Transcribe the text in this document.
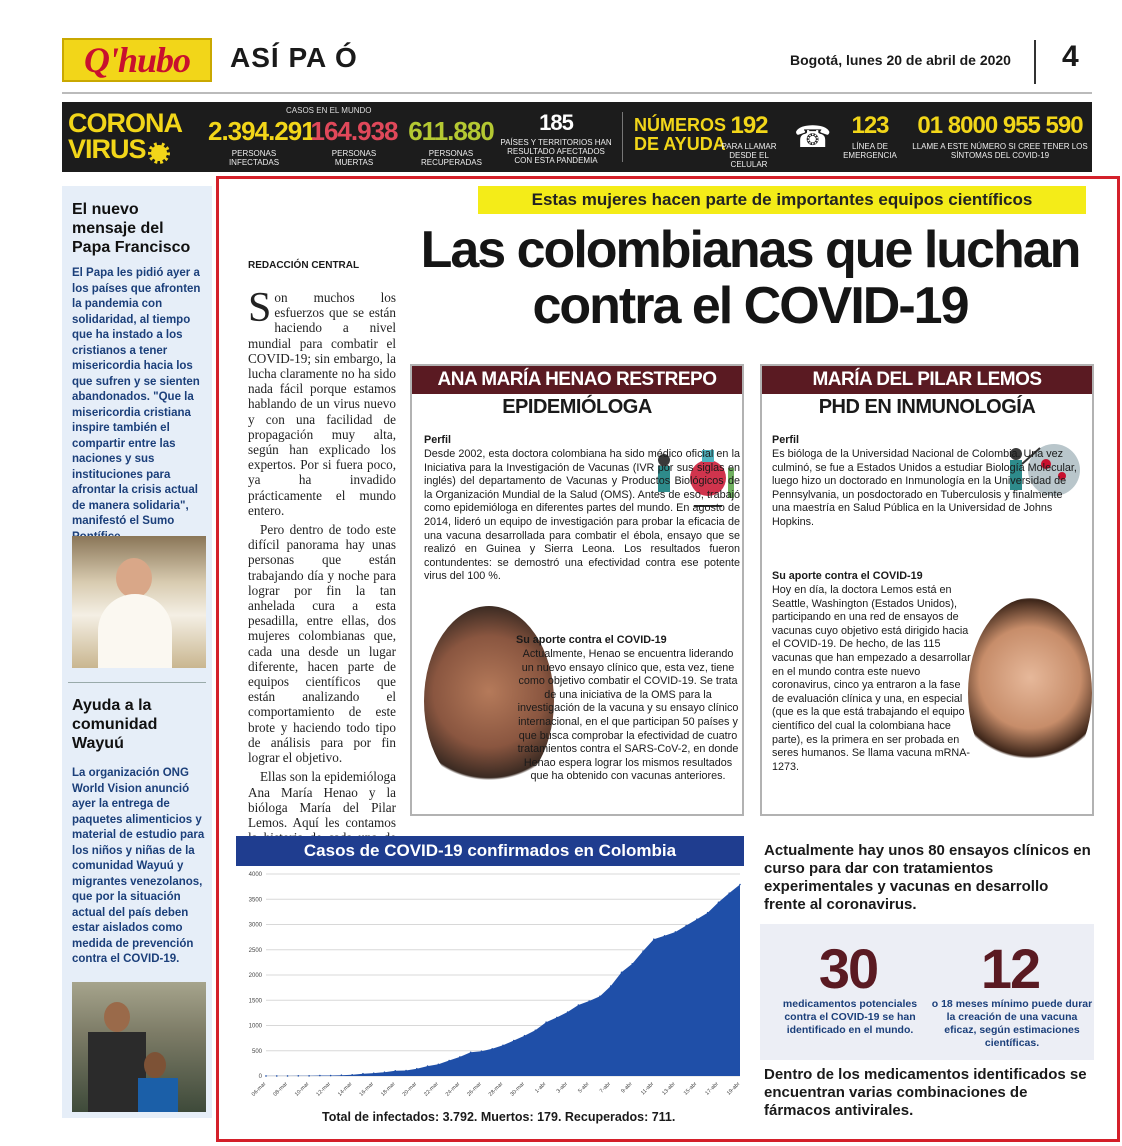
Q'hubo	ASÍ PA Ó	Bogotá, lunes 20 de abril de 2020 4
CORONA
VIRUS
CASOS EN EL MUNDO
2.394.291
PERSONAS INFECTADAS
164.938
PERSONAS MUERTAS
611.880
PERSONAS RECUPERADAS
185
PAÍSES Y TERRITORIOS HAN RESULTADO AFECTADOS CON ESTA PANDEMIA
NÚMEROS
DE AYUDA
192
PARA LLAMAR DESDE EL CELULAR
☎ 123
LÍNEA DE EMERGENCIA
01 8000 955 590
LLAME A ESTE NÚMERO SI CREE TENER LOS SÍNTOMAS DEL COVID-19
El nuevo mensaje del Papa Francisco
El Papa les pidió ayer a los países que afronten la pandemia con solidaridad, al tiempo que ha instado a los cristianos a tener misericordia hacia los que sufren y se sienten abandonados. "Que la misericordia cristiana inspire también el compartir entre las naciones y sus instituciones para afrontar la crisis actual de manera solidaria", manifestó el Sumo
Ayuda a la comunidad Wayuú
La organización ONG World Vision anunció ayer la entrega de paquetes alimenticios y material de estudio para los niños y niñas de la comunidad Wayuú y migrantes venezolanos, que por la situación actual del país deben estar aislados como medida de prevención contra el COVID-19.
Estas mujeres hacen parte de importantes equipos científicos
Las colombianas que luchan contra el COVID-19
REDACCIÓN CENTRAL

Son muchos los esfuerzos que se están haciendo a nivel mundial para combatir el COVID-19; sin embargo, la lucha claramente no ha sido nada fácil porque estamos hablando de un virus nuevo y con una facilidad de propagación muy alta, según han explicado los expertos. Por si fuera poco, ya ha invadido prácticamente el mundo entero.

Pero dentro de todo este difícil panorama hay unas personas que están trabajando día y noche para lograr por fin la tan anhelada cura a esta pesadilla, entre ellas, dos mujeres colombianas que, cada una desde un lugar diferente, hacen parte de equipos científicos que están analizando el comportamiento de este brote y haciendo todo tipo de análisis para por fin lograr el objetivo.

Ellas son la epidemióloga Ana María Henao y la bióloga María del Pilar Lemos. Aquí les contamos

ANA MARÍA HENAO RESTREPO
EPIDEMIÓLOGA
Perfil
Desde 2002, esta doctora colombiana ha sido médico oficial en la Iniciativa para la Investigación de Vacunas (IVR por sus siglas en inglés) del departamento de Vacunas y Productos Biológicos de la Organización Mundial de la Salud (OMS). Antes de eso, trabajó como epidemióloga en diferentes partes del mundo. En agosto de 2014, lideró un equipo de investigación para probar la eficacia de una vacuna desarrollada para combatir el ébola, ensayo que se realizó en Guinea y Sierra Leona. Los resultados fueron contundentes: se demostró una efectividad contra ese potente virus del 100 %.
Su aporte contra el COVID-19
Actualmente, Henao se encuentra liderando un nuevo ensayo clínico que, esta vez, tiene como objetivo combatir el COVID-19. Se trata de una iniciativa de la OMS para la investigación de la vacuna y su ensayo clínico internacional, en el que participan 50 países y que busca comprobar la efectividad de cuatro tratamientos contra el SARS-CoV-2, en donde Henao espera lograr los mismos resultados que ha obtenido con vacunas anteriores.
MARÍA DEL PILAR LEMOS
PHD EN INMUNOLOGÍA
Perfil
Es bióloga de la Universidad Nacional de Colombia. Una vez culminó, se fue a Estados Unidos a estudiar Biología Molecular, luego hizo un doctorado en Inmunología en la Universidad de Pennsylvania, un posdoctorado en Tuberculosis y finalmente una maestría en Salud Pública en la Universidad de Johns Hopkins.
Su aporte contra el COVID-19
Hoy en día, la doctora Lemos está en Seattle, Washington (Estados Unidos), participando en una red de ensayos de vacunas cuyo objetivo está dirigido hacia el COVID-19. De hecho, de las 115 vacunas que han empezado a desarrollar en el mundo contra este nuevo coronavirus, cinco ya entraron a la fase de evaluación clínica y una, en especial (que es la que está trabajando el equipo científico del cual la colombiana hace parte), es la primera en ser probada en seres humanos. Se llama vacuna mRNA-1273.
Casos de COVID-19 confirmados en Colombia
0
500
1000
1500
2000
2500
3000
3500
4000
06-mar 08-mar 10-mar 12-mar 14-mar 16-mar 18-mar 20-mar 22-mar 24-mar 26-mar 28-mar 30-mar 1-abr 3-abr 5-abr 7-abr 9-abr 11-abr 13-abr 15-abr 17-abr 19-abr
Total de infectados: 3.792. Muertos: 179. Recuperados: 711.
Actualmente hay unos 80 ensayos clínicos en curso para dar con tratamientos experimentales y vacunas en desarrollo frente al coronavirus.
30
medicamentos potenciales contra el COVID-19 se han identificado en el mundo.
12
o 18 meses mínimo puede durar la creación de una vacuna eficaz, según estimaciones científicas.
Dentro de los medicamentos identificados se encuentran varias combinaciones de fármacos antivirales.
